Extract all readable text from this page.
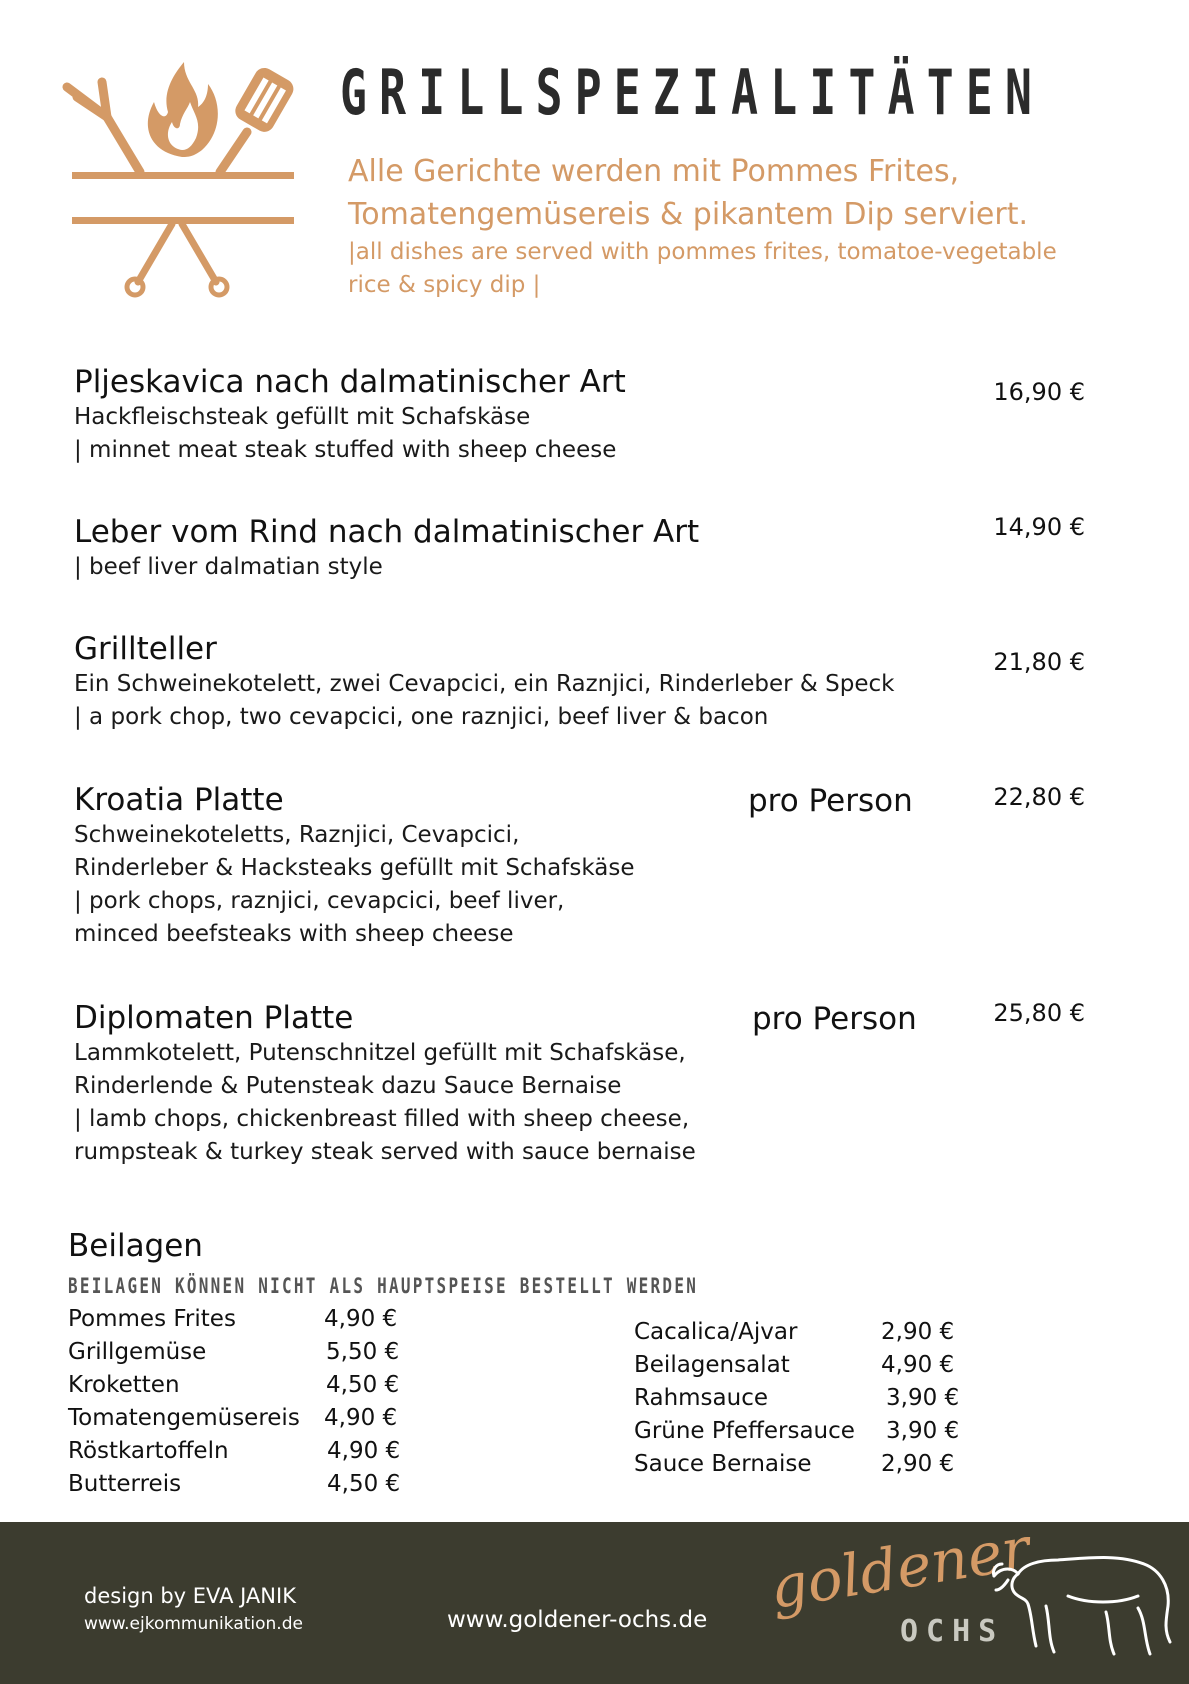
GRILLSPEZIALITÄTEN
Alle Gerichte werden mit Pommes Frites,
Tomatengemüsereis & pikantem Dip serviert.
|all dishes are served with pommes frites, tomatoe-vegetable
rice & spicy dip |
Pljeskavica nach dalmatinischer Art
Hackfleischsteak gefüllt mit Schafskäse
| minnet meat steak stuffed with sheep cheese
16,90 €
Leber vom Rind nach dalmatinischer Art
| beef liver dalmatian style
14,90 €
Grillteller
Ein Schweinekotelett, zwei Cevapcici, ein Raznjici, Rinderleber & Speck
| a pork chop, two cevapcici, one raznjici, beef liver & bacon
21,80 €
Kroatia Platte
Schweinekoteletts, Raznjici, Cevapcici,
Rinderleber & Hacksteaks gefüllt mit Schafskäse
| pork chops, raznjici, cevapcici, beef liver,
minced beefsteaks with sheep cheese
pro Person	22,80 €
Diplomaten Platte
Lammkotelett, Putenschnitzel gefüllt mit Schafskäse,
Rinderlende & Putensteak dazu Sauce Bernaise
| lamb chops, chickenbreast filled with sheep cheese,
rumpsteak & turkey steak served with sauce bernaise
pro Person	25,80 €
Beilagen
BEILAGEN KÖNNEN NICHT ALS HAUPTSPEISE BESTELLT WERDEN
Pommes Frites	4,90 €
Grillgemüse	5,50 €
Kroketten	4,50 €
Tomatengemüsereis	4,90 €
Röstkartoffeln	4,90 €
Butterreis	4,50 €
Cacalica/Ajvar	2,90 €
Beilagensalat	4,90 €
Rahmsauce	3,90 €
Grüne Pfeffersauce	3,90 €
Sauce Bernaise	2,90 €
design by EVA JANIK
www.ejkommunikation.de	www.goldener-ochs.de goldener
OCHS
